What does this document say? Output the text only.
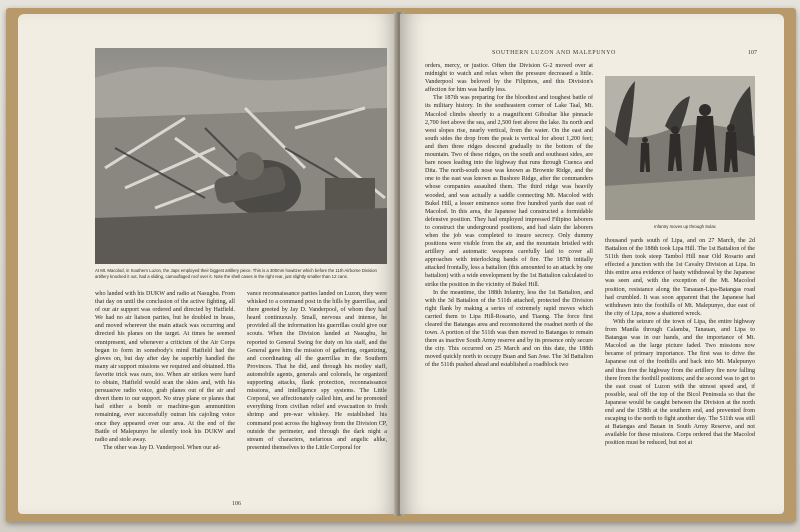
At Mt. Macolod, in Southern Luzon, the Japs employed their biggest artillery piece. This is a 300mm howitzer which before the 11th Airborne Division artillery knocked it out, had a sliding, camouflaged roof over it. Note the shell cases in the right rear, just slightly smaller than 12 cans.

who landed with his DUKW and radio at Nasugbu. From that day on until the conclusion of the active fighting, all of our air support was ordered and directed by Hatfield. We had no air liaison parties, but he doubled in brass, and moved wherever the main attack was occurring and directed his planes on the target. At times he seemed omnipresent, and whenever a criticism of the Air Corps began to form in somebody's mind Hatfield had the gloves on, but day after day he superbly handled the many air support missions we required and obtained. His favorite trick was ours, too. When air strikes were hard to obtain, Hatfield would scan the skies and, with his persuasive radio voice, grab planes out of the air and divert them to our support. No stray plane or planes that had either a bomb or machine-gun ammunition remaining, ever successfully outran his cajoling voice once they appeared over our area. At the end of the Battle of Malepunyo he silently took his DUKW and radio and stole away.

The other was Jay D. Vanderpool. When our ad-

vance reconnaissance parties landed on Luzon, they were whisked to a command post in the hills by guerrillas, and there greeted by Jay D. Vanderpool, of whom they had heard continuously. Small, nervous and intense, he provided all the information his guerrillas could give our scouts. When the Division landed at Nasugbu, he reported to General Swing for duty on his staff, and the General gave him the mission of gathering, organizing, and coordinating all the guerrillas in the Southern Provinces. That he did, and through his motley staff, automobile agents, generals and colonels, he organized supporting attacks, flank protection, reconnaissance missions, and intelligence spy systems. The Little Corporal, we affectionately called him, and he promoted everything from civilian relief and evacuation to fresh shrimp and pre-war whiskey. He established his command post across the highway from the Division CP, outside the perimeter, and through the dark night a stream of characters, nefarious and angelic alike, presented themselves to the Little Corporal for

106
SOUTHERN LUZON AND MALEPUNYO	107

orders, mercy, or justice. Often the Division G-2 moved over at midnight to watch and relax when the pressure decreased a little. Vanderpool was beloved by the Filipinos, and this Division's affection for him was hardly less.

The 187th was preparing for the bloodiest and toughest battle of its military history. In the southeastern corner of Lake Taal, Mt. Macolod climbs sheerly to a magnificent Gibraltar like pinnacle 2,700 feet above the sea, and 2,500 feet above the lake. Its north and west slopes rise, nearly vertical, from the water. On the east and south sides the drop from the peak is vertical for about 1,200 feet; and then three ridges descend gradually to the bottom of the mountain. Two of these ridges, on the south and southeast sides, are bare noses leading into the highway that runs through Cuenca and Dita. The north-south nose was known as Brownie Ridge, and the one to the east was known as Bushore Ridge, after the commanders whose companies assaulted them. The third ridge was heavily wooded, and was actually a saddle connecting Mt. Macolod with Bukel Hill, a lesser eminence some five hundred yards due east of Macolod. In this area, the Japanese had constructed a formidable defensive position. They had employed impressed Filipino laborers to construct the underground positions, and had slain the laborers when the job was completed to insure secrecy. Only dummy positions were visible from the air, and the mountain bristled with artillery and automatic weapons carefully laid to cover all approaches with interlocking bands of fire. The 187th initially attacked frontally, less a battalion (this amounted to an attack by one battalion) with a wide envelopment by the 1st Battalion calculated to strike the position in the vicinity of Bukel Hill.

In the meantime, the 188th Infantry, less the 1st Battalion, and with the 3d Battalion of the 511th attached, protected the Division right flank by making a series of extremely rapid moves which carried them to Lipa Hill-Rosario, and Tiaong. The force first cleared the Batangas area and reconnoitered the roadnet north of the town. A portion of the 511th was then moved to Batangas to remain there as inactive South Army reserve and by its presence only secure the city. This occurred on 25 March and on this date, the 188th moved quickly north to occupy Buan and San Jose. The 3d Battalion of the 511th pushed ahead and established a roadblock two

Infantry moves up through Sulac

thousand yards south of Lipa, and on 27 March, the 2d Battalion of the 188th took Lipa Hill. The 1st Battalion of the 511th then took steep Tambol Hill near Old Rosario and effected a junction with the 1st Cavalry Division at Lipa. In this entire area evidence of hasty withdrawal by the Japanese was seen and, with the exception of the Mt. Macolod position, resistance along the Tanauan-Lipa-Batangas road had crumbled. It was soon apparent that the Japanese had withdrawn into the foothills of Mt. Malepunyo, due east of the city of Lipa, now a shattered wreck.

With the seizure of the town of Lipa, the entire highway from Manila through Calamba, Tanauan, and Lipa to Batangas was in our hands, and the importance of Mt. Macolod as the large picture faded. Two missions now became of primary importance. The first was to drive the Japanese out of the foothills and back into Mt. Malepunyo and thus free the highway from the artillery fire now falling there from the foothill positions; and the second was to get to the east coast of Luzon with the utmost speed and, if possible, seal off the top of the Bicol Peninsula so that the Japanese would be caught between the Division at the north end and the 158th at the southern end, and prevented from escaping to the north to fight another day. The 511th was still at Batangas and Bauan in South Army Reserve, and not available for these missions. Corps ordered that the Macolod position must be reduced, but not at
